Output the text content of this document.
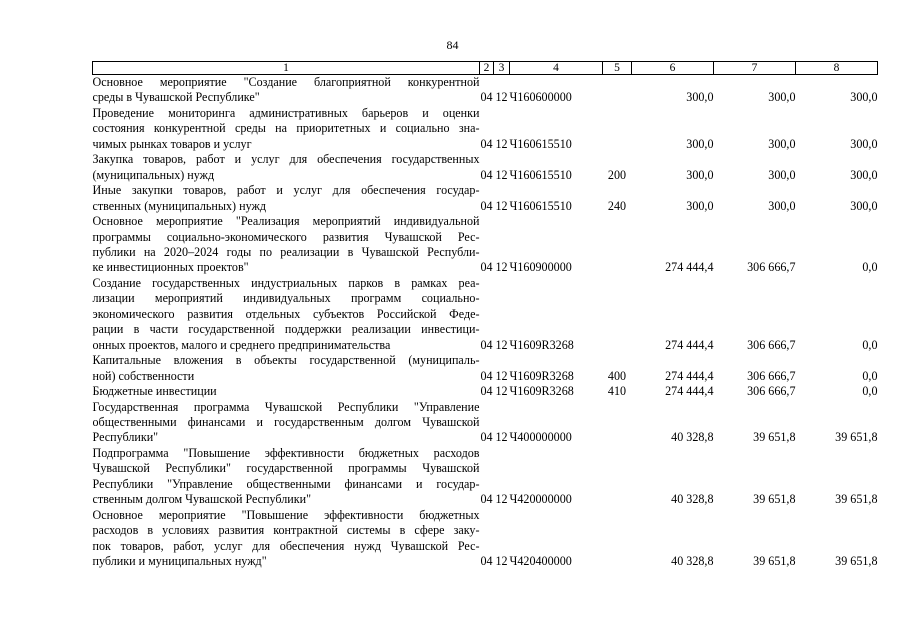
84
1	2	3	4	5	6	7	8

Основное мероприятие "Создание благоприятной конкурентной
среды в Чувашской Республике"	04	12	Ч160600000		300,0	300,0	300,0

Проведение мониторинга административных барьеров и оценки
состояния конкурентной среды на приоритетных и социально зна-
чимых рынках товаров и услуг	04	12	Ч160615510		300,0	300,0	300,0

Закупка товаров, работ и услуг для обеспечения государственных
(муниципальных) нужд	04	12	Ч160615510	200	300,0	300,0	300,0

Иные закупки товаров, работ и услуг для обеспечения государ-
ственных (муниципальных) нужд	04	12	Ч160615510	240	300,0	300,0	300,0

Основное мероприятие "Реализация мероприятий индивидуальной
программы социально-экономического развития Чувашской Рес-
публики на 2020–2024 годы по реализации в Чувашской Республи-
ке инвестиционных проектов"	04	12	Ч160900000		274 444,4	306 666,7	0,0

Создание государственных индустриальных парков в рамках реа-
лизации мероприятий индивидуальных программ социально-
экономического развития отдельных субъектов Российской Феде-
рации в части государственной поддержки реализации инвестици-
онных проектов, малого и среднего предпринимательства	04	12	Ч1609R3268		274 444,4	306 666,7	0,0

Капитальные вложения в объекты государственной (муниципаль-
ной) собственности	04	12	Ч1609R3268	400	274 444,4	306 666,7	0,0

Бюджетные инвестиции	04	12	Ч1609R3268	410	274 444,4	306 666,7	0,0

Государственная программа Чувашской Республики "Управление
общественными финансами и государственным долгом Чувашской
Республики"	04	12	Ч400000000		40 328,8	39 651,8	39 651,8

Подпрограмма "Повышение эффективности бюджетных расходов
Чувашской Республики" государственной программы Чувашской
Республики "Управление общественными финансами и государ-
ственным долгом Чувашской Республики"	04	12	Ч420000000		40 328,8	39 651,8	39 651,8

Основное мероприятие "Повышение эффективности бюджетных
расходов в условиях развития контрактной системы в сфере заку-
пок товаров, работ, услуг для обеспечения нужд Чувашской Рес-
публики и муниципальных нужд"	04	12	Ч420400000		40 328,8	39 651,8	39 651,8
